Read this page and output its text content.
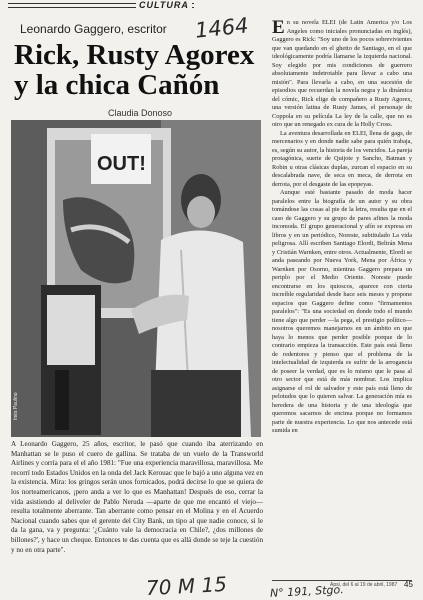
CULTURA
Leonardo Gaggero, escritor 1464
Rick, Rusty Agorex y la chica Cañón
Claudia Donoso
OUT!
Inés Paulino

A Leonardo Gaggero, 25 años, escritor, le pasó que cuando iba aterrizando en Manhattan se le puso el cuero de gallina. Se trataba de un vuelo de la Transworld Airlines y corría para el el año 1981: "Fue una experiencia maravillosa, maravillosa. Me recorrí todo Estados Unidos en la onda del Jack Kerouac que le bajó a uno alguna vez en la existencia. Mira: los gringos serán unos fornicados, podrá decirse lo que se quiera de los norteamericanos, ¡pero anda a ver lo que es Manhattan! Después de eso, cerrar la vida asistiendo al deliveler de Pablo Neruda —aparte de que me encantó el viejo— resulta totalmente aberrante. Tan aberrante como pensar en el Molina y en el Acuerdo Nacional cuando sabes que el gerente del City Bank, un tipo al que nadie conoce, si le da la gana, va y pregunta: '¿Cuánto vale la democracia en Chile?, ¿dos millones de billones?', y hace un cheque. Entonces te das cuenta que es allá donde se teje la cuestión y no en otra parte".

En su novela ELEI (de Latin America y/o Los Angeles como iniciales pronunciadas en inglés), Gaggero es Rick: "Soy uno de los pocos sobrevivientes que van quedando en el ghetto de Santiago, en el que ideológicamente podría llamarse la izquierda nacional. Soy elegido por mis condiciones de guerrero absolutamente indetrotable para llevar a cabo una misión". Para llevarla a cabo, en una sucesión de episodios que recuerdan la novela negra y la dinámica del cómic, Rick elige de compañero a Rusty Agorex, una versión latina de Rusty James, el personaje de Coppola en su película La ley de la calle, que no es otro que un renegado ex cura de la Holly Cross.

La aventura desarrollada en ELEI, llena de gags, de mercenarios y en donde nadie sabe para quién trabaja, es, según su autor, la historia de los vencidos. La pareja protagónica, suerte de Quijote y Sancho, Batman y Robin u otras clásicas duplas, zurcan el espacio en su descalabrada nave, de seca en meca, de derrota en derrota, por el desgaste de las epopeyas.

Aunque esté bastante pasado de moda hacer paralelos entre la biografía de un autor y su obra tomándose las cosas al pie de la letra, resulta que en el caso de Gaggero y su grupo de pares afines la moda incomoda. El grupo generacional y afín se expresa en libros y en un periódico, Noreste, subtitulado La vida peligrosa. Allí escriben Santiago Elordi, Beltrán Mena y Cristián Warnken, entre otros. Actualmente, Elordi se anda paseando por Nueva York, Mena por África y Warnken por Osorno, mientras Gaggero prepara un periplo por el Medio Oriente. Noreste puede encontrarse en los quioscos, aparece con cierta increíble regularidad desde hace seis meses y propone espacios que Gaggero define como "firmamentos paralelos": "Es una sociedad en donde todo el mundo tiene algo que perder —la pega, el prestigio político— nosotros queremos manejarnos en un ámbito en que haya lo menos que perder posible porque de lo contrario empieza la transacción. Este país está lleno de redentores y pienso que el problema de la intelectualidad de izquierda es sufrir de la arrogancia de poseer la verdad, que es lo mismo que le pasa al otro sector que está de más nombrar. Los implica asignarse el rol de salvador y este país está lleno de pelotudos que lo quieren salvar. La generación mía es heredera de una historia y de una ideología que queremos sacarnos de encima porque no formamos parte de nuestra experiencia. Lo que nos antecede está sumida en

Apsi, del 6 al 19 de abril, 1987 45
70 M 15	N° 191, Stgo.
